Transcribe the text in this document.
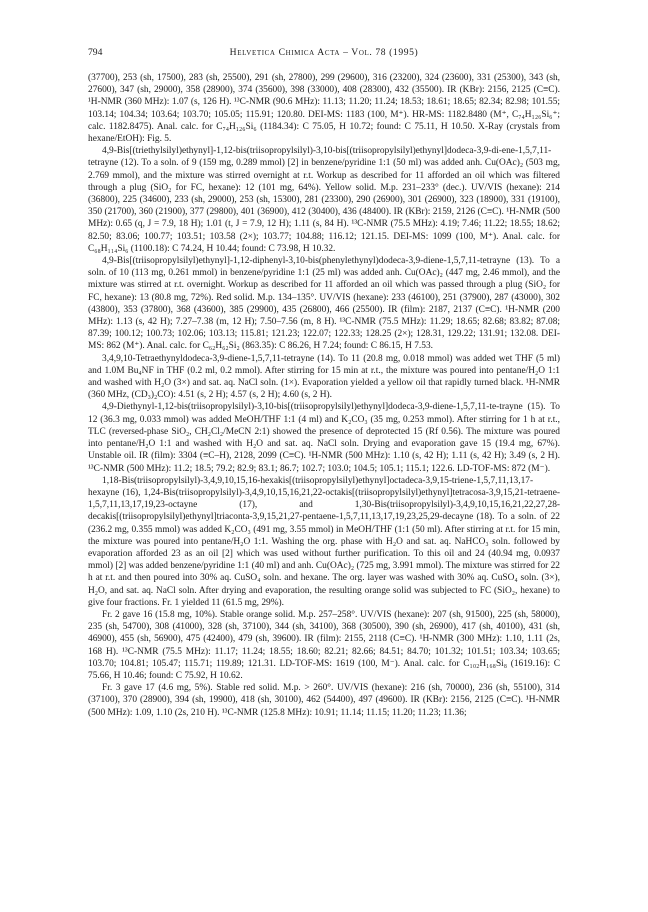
794	Helvetica Chimica Acta – Vol. 78 (1995)

(37700), 253 (sh, 17500), 283 (sh, 25500), 291 (sh, 27800), 299 (29600), 316 (23200), 324 (23600), 331 (25300), 343 (sh, 27600), 347 (sh, 29000), 358 (28900), 374 (35600), 398 (33000), 408 (28300), 432 (35500). IR (KBr): 2156, 2125 (C≡C). ¹H-NMR (360 MHz): 1.07 (s, 126 H). ¹³C-NMR (90.6 MHz): 11.13; 11.20; 11.24; 18.53; 18.61; 18.65; 82.34; 82.98; 101.55; 103.14; 104.34; 103.64; 103.70; 105.05; 115.91; 120.80. DEI-MS: 1183 (100, M⁺). HR-MS: 1182.8480 (M⁺, C₇₄H₁₂₆Si₆⁺; calc. 1182.8475). Anal. calc. for C₇₄H₁₂₆Si₆ (1184.34): C 75.05, H 10.72; found: C 75.11, H 10.50. X-Ray (crystals from hexane/EtOH): Fig. 5.

4,9-Bis[(triethylsilyl)ethynyl]-1,12-bis(triisopropylsilyl)-3,10-bis[(triisopropylsilyl)ethynyl]dodeca-3,9-di-ene-1,5,7,11-tetrayne (12). To a soln. of 9 (159 mg, 0.289 mmol) [2] in benzene/pyridine 1:1 (50 ml) was added anh. Cu(OAc)₂ (503 mg, 2.769 mmol), and the mixture was stirred overnight at r.t. Workup as described for 11 afforded an oil which was filtered through a plug (SiO₂ for FC, hexane): 12 (101 mg, 64%). Yellow solid. M.p. 231–233° (dec.). UV/VIS (hexane): 214 (36800), 225 (34600), 233 (sh, 29000), 253 (sh, 15300), 281 (23300), 290 (26900), 301 (26900), 323 (18900), 331 (19100), 350 (21700), 360 (21900), 377 (29800), 401 (36900), 412 (30400), 436 (48400). IR (KBr): 2159, 2126 (C≡C). ¹H-NMR (500 MHz): 0.65 (q, J = 7.9, 18 H); 1.01 (t, J = 7.9, 12 H); 1.11 (s, 84 H). ¹³C-NMR (75.5 MHz): 4.19; 7.46; 11.22; 18.55; 18.62; 82.50; 83.06; 100.77; 103.51; 103.58 (2×); 103.77; 104.88; 116.12; 121.15. DEI-MS: 1099 (100, M⁺). Anal. calc. for C₆₈H₁₁₄Si₆ (1100.18): C 74.24, H 10.44; found: C 73.98, H 10.32.

4,9-Bis[(triisopropylsilyl)ethynyl]-1,12-diphenyl-3,10-bis(phenylethynyl)dodeca-3,9-diene-1,5,7,11-tetrayne (13). To a soln. of 10 (113 mg, 0.261 mmol) in benzene/pyridine 1:1 (25 ml) was added anh. Cu(OAc)₂ (447 mg, 2.46 mmol), and the mixture was stirred at r.t. overnight. Workup as described for 11 afforded an oil which was passed through a plug (SiO₂ for FC, hexane): 13 (80.8 mg, 72%). Red solid. M.p. 134–135°. UV/VIS (hexane): 233 (46100), 251 (37900), 287 (43000), 302 (43800), 353 (37800), 368 (43600), 385 (29900), 435 (26800), 466 (25500). IR (film): 2187, 2137 (C≡C). ¹H-NMR (200 MHz): 1.13 (s, 42 H); 7.27–7.38 (m, 12 H); 7.50–7.56 (m, 8 H). ¹³C-NMR (75.5 MHz): 11.29; 18.65; 82.68; 83.82; 87.08; 87.39; 100.12; 100.73; 102.06; 103.13; 115.81; 121.23; 122.07; 122.33; 128.25 (2×); 128.31, 129.22; 131.91; 132.08. DEI-MS: 862 (M⁺). Anal. calc. for C₆₂H₆₂Si₂ (863.35): C 86.26, H 7.24; found: C 86.15, H 7.53.

3,4,9,10-Tetraethynyldodeca-3,9-diene-1,5,7,11-tetrayne (14). To 11 (20.8 mg, 0.018 mmol) was added wet THF (5 ml) and 1.0M Bu₄NF in THF (0.2 ml, 0.2 mmol). After stirring for 15 min at r.t., the mixture was poured into pentane/H₂O 1:1 and washed with H₂O (3×) and sat. aq. NaCl soln. (1×). Evaporation yielded a yellow oil that rapidly turned black. ¹H-NMR (360 MHz, (CD₃)₂CO): 4.51 (s, 2 H); 4.57 (s, 2 H); 4.60 (s, 2 H).

4,9-Diethynyl-1,12-bis(triisopropylsilyl)-3,10-bis[(triisopropylsilyl)ethynyl]dodeca-3,9-diene-1,5,7,11-te-trayne (15). To 12 (36.3 mg, 0.033 mmol) was added MeOH/THF 1:1 (4 ml) and K₂CO₃ (35 mg, 0.253 mmol). After stirring for 1 h at r.t., TLC (reversed-phase SiO₂, CH₂Cl₂/MeCN 2:1) showed the presence of deprotected 15 (Rf 0.56). The mixture was poured into pentane/H₂O 1:1 and washed with H₂O and sat. aq. NaCl soln. Drying and evaporation gave 15 (19.4 mg, 67%). Unstable oil. IR (film): 3304 (≡C–H), 2128, 2099 (C≡C). ¹H-NMR (500 MHz): 1.10 (s, 42 H); 1.11 (s, 42 H); 3.49 (s, 2 H). ¹³C-NMR (500 MHz): 11.2; 18.5; 79.2; 82.9; 83.1; 86.7; 102.7; 103.0; 104.5; 105.1; 115.1; 122.6. LD-TOF-MS: 872 (M⁻).

1,18-Bis(triisopropylsilyl)-3,4,9,10,15,16-hexakis[(triisopropylsilyl)ethynyl]octadeca-3,9,15-triene-1,5,7,11,13,17-hexayne (16), 1,24-Bis(triisopropylsilyl)-3,4,9,10,15,16,21,22-octakis[(triisopropylsilyl)ethynyl]tetracosa-3,9,15,21-tetraene-1,5,7,11,13,17,19,23-octayne (17), and 1,30-Bis(triisopropylsilyl)-3,4,9,10,15,16,21,22,27,28-decakis[(triisopropylsilyl)ethynyl]triaconta-3,9,15,21,27-pentaene-1,5,7,11,13,17,19,23,25,29-decayne (18). To a soln. of 22 (236.2 mg, 0.355 mmol) was added K₂CO₃ (491 mg, 3.55 mmol) in MeOH/THF (1:1 (50 ml). After stirring at r.t. for 15 min, the mixture was poured into pentane/H₂O 1:1. Washing the org. phase with H₂O and sat. aq. NaHCO₃ soln. followed by evaporation afforded 23 as an oil [2] which was used without further purification. To this oil and 24 (40.94 mg, 0.0937 mmol) [2] was added benzene/pyridine 1:1 (40 ml) and anh. Cu(OAc)₂ (725 mg, 3.991 mmol). The mixture was stirred for 22 h at r.t. and then poured into 30% aq. CuSO₄ soln. and hexane. The org. layer was washed with 30% aq. CuSO₄ soln. (3×), H₂O, and sat. aq. NaCl soln. After drying and evaporation, the resulting orange solid was subjected to FC (SiO₂, hexane) to give four fractions. Fr. 1 yielded 11 (61.5 mg, 29%).

Fr. 2 gave 16 (15.8 mg, 10%). Stable orange solid. M.p. 257–258°. UV/VIS (hexane): 207 (sh, 91500), 225 (sh, 58000), 235 (sh, 54700), 308 (41000), 328 (sh, 37100), 344 (sh, 34100), 368 (30500), 390 (sh, 26900), 417 (sh, 40100), 431 (sh, 46900), 455 (sh, 56900), 475 (42400), 479 (sh, 39600). IR (film): 2155, 2118 (C≡C). ¹H-NMR (300 MHz): 1.10, 1.11 (2s, 168 H). ¹³C-NMR (75.5 MHz): 11.17; 11.24; 18.55; 18.60; 82.21; 82.66; 84.51; 84.70; 101.32; 101.51; 103.34; 103.65; 103.70; 104.81; 105.47; 115.71; 119.89; 121.31. LD-TOF-MS: 1619 (100, M⁻). Anal. calc. for C₁₀₂H₁₆₈Si₈ (1619.16): C 75.66, H 10.46; found: C 75.92, H 10.62.

Fr. 3 gave 17 (4.6 mg, 5%). Stable red solid. M.p. > 260°. UV/VIS (hexane): 216 (sh, 70000), 236 (sh, 55100), 314 (37100), 370 (28900), 394 (sh, 19900), 418 (sh, 30100), 462 (54400), 497 (49600). IR (KBr): 2156, 2125 (C≡C). ¹H-NMR (500 MHz): 1.09, 1.10 (2s, 210 H). ¹³C-NMR (125.8 MHz): 10.91; 11.14; 11.15; 11.20; 11.23; 11.36;
